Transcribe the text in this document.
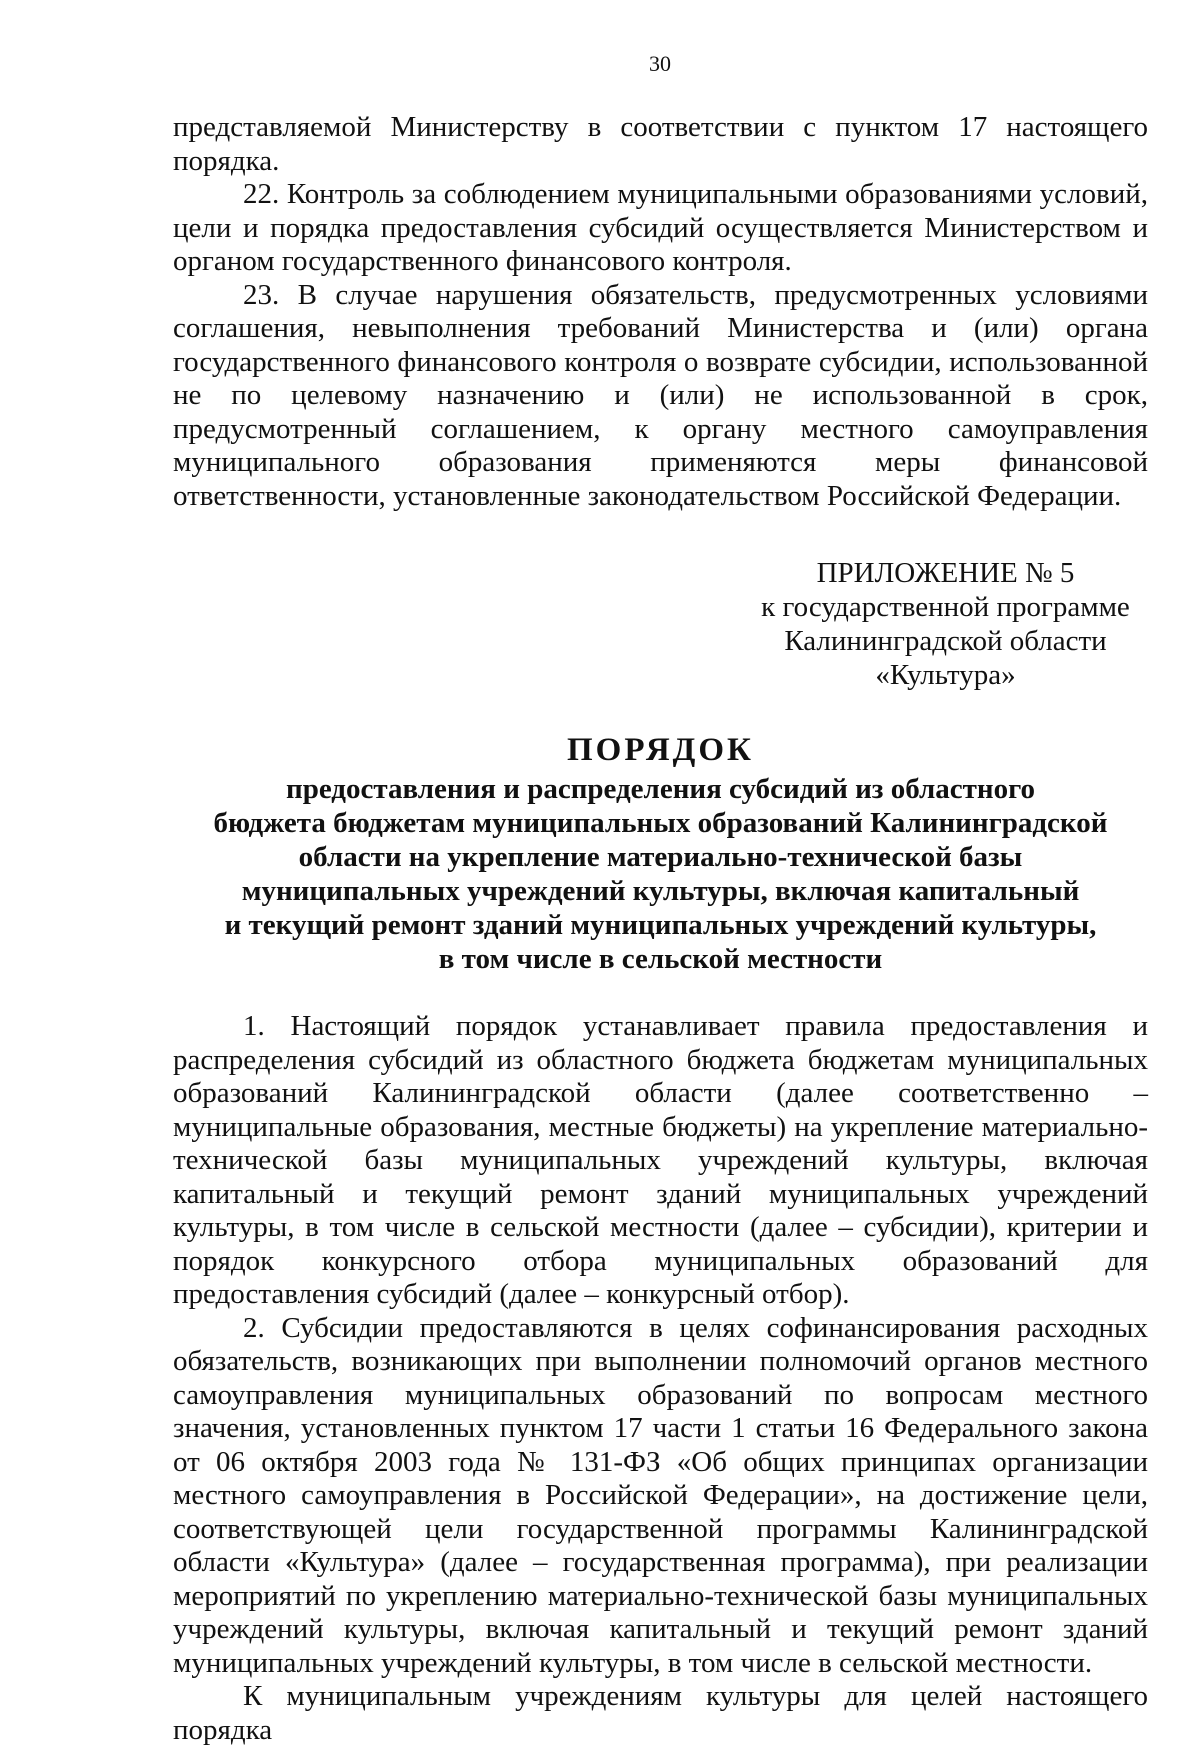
30

представляемой Министерству в соответствии с пунктом 17 настоящего порядка.

22. Контроль за соблюдением муниципальными образованиями условий, цели и порядка предоставления субсидий осуществляется Министерством и органом государственного финансового контроля.

23. В случае нарушения обязательств, предусмотренных условиями соглашения, невыполнения требований Министерства и (или) органа государственного финансового контроля о возврате субсидии, использованной не по целевому назначению и (или) не использованной в срок, предусмотренный соглашением, к органу местного самоуправления муниципального образования применяются меры финансовой ответственности, установленные законодательством Российской Федерации.

ПРИЛОЖЕНИЕ № 5
к государственной программе
Калининградской области
«Культура»
ПОРЯДОК
предоставления и распределения субсидий из областного
бюджета бюджетам муниципальных образований Калининградской
области на укрепление материально-технической базы
муниципальных учреждений культуры, включая капитальный
и текущий ремонт зданий муниципальных учреждений культуры,
в том числе в сельской местности

1. Настоящий порядок устанавливает правила предоставления и распределения субсидий из областного бюджета бюджетам муниципальных образований Калининградской области (далее соответственно – муниципальные образования, местные бюджеты) на укрепление материально-технической базы муниципальных учреждений культуры, включая капитальный и текущий ремонт зданий муниципальных учреждений культуры, в том числе в сельской местности (далее – субсидии), критерии и порядок конкурсного отбора муниципальных образований для предоставления субсидий (далее – конкурсный отбор).

2. Субсидии предоставляются в целях софинансирования расходных обязательств, возникающих при выполнении полномочий органов местного самоуправления муниципальных образований по вопросам местного значения, установленных пунктом 17 части 1 статьи 16 Федерального закона от 06 октября 2003 года № 131-ФЗ «Об общих принципах организации местного самоуправления в Российской Федерации», на достижение цели, соответствующей цели государственной программы Калининградской области «Культура» (далее – государственная программа), при реализации мероприятий по укреплению материально-технической базы муниципальных учреждений культуры, включая капитальный и текущий ремонт зданий муниципальных учреждений культуры, в том числе в сельской местности.

К муниципальным учреждениям культуры для целей настоящего порядка
